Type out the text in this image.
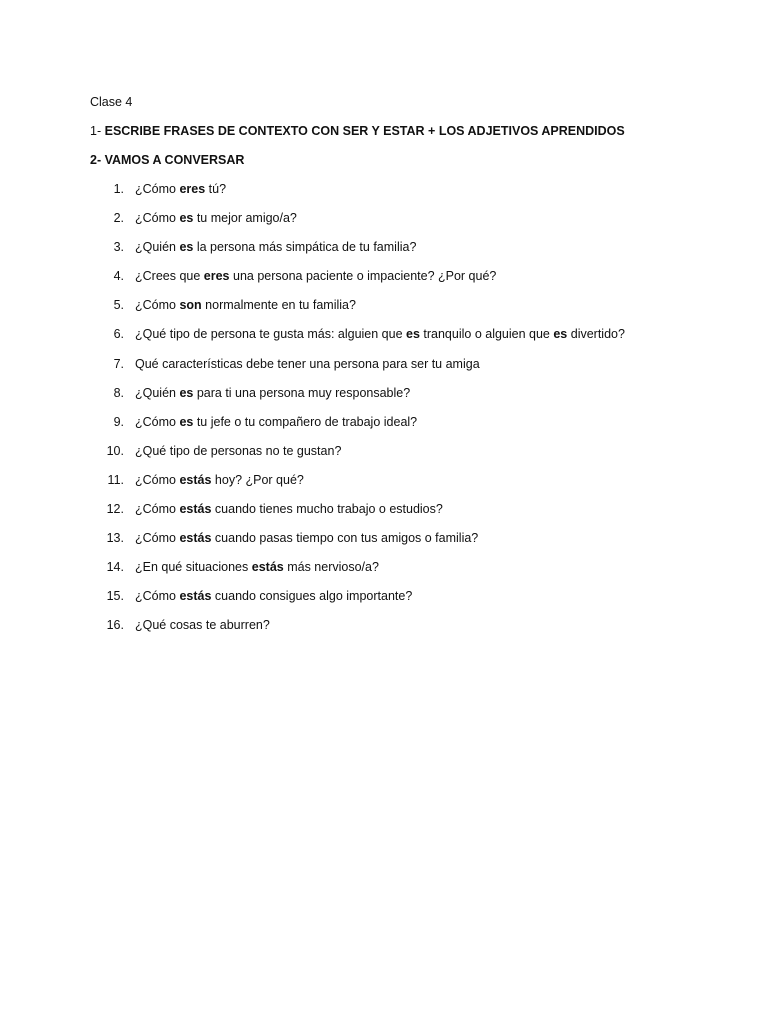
Clase 4
1- ESCRIBE FRASES DE CONTEXTO CON SER Y ESTAR + LOS ADJETIVOS APRENDIDOS
2- VAMOS A CONVERSAR
1. ¿Cómo eres tú?
2. ¿Cómo es tu mejor amigo/a?
3. ¿Quién es la persona más simpática de tu familia?
4. ¿Crees que eres una persona paciente o impaciente? ¿Por qué?
5. ¿Cómo son normalmente en tu familia?
6. ¿Qué tipo de persona te gusta más: alguien que es tranquilo o alguien que es divertido?
7. Qué características debe tener una persona para ser tu amiga
8. ¿Quién es para ti una persona muy responsable?
9. ¿Cómo es tu jefe o tu compañero de trabajo ideal?
10. ¿Qué tipo de personas no te gustan?
11. ¿Cómo estás hoy? ¿Por qué?
12. ¿Cómo estás cuando tienes mucho trabajo o estudios?
13. ¿Cómo estás cuando pasas tiempo con tus amigos o familia?
14. ¿En qué situaciones estás más nervioso/a?
15. ¿Cómo estás cuando consigues algo importante?
16. ¿Qué cosas te aburren?
